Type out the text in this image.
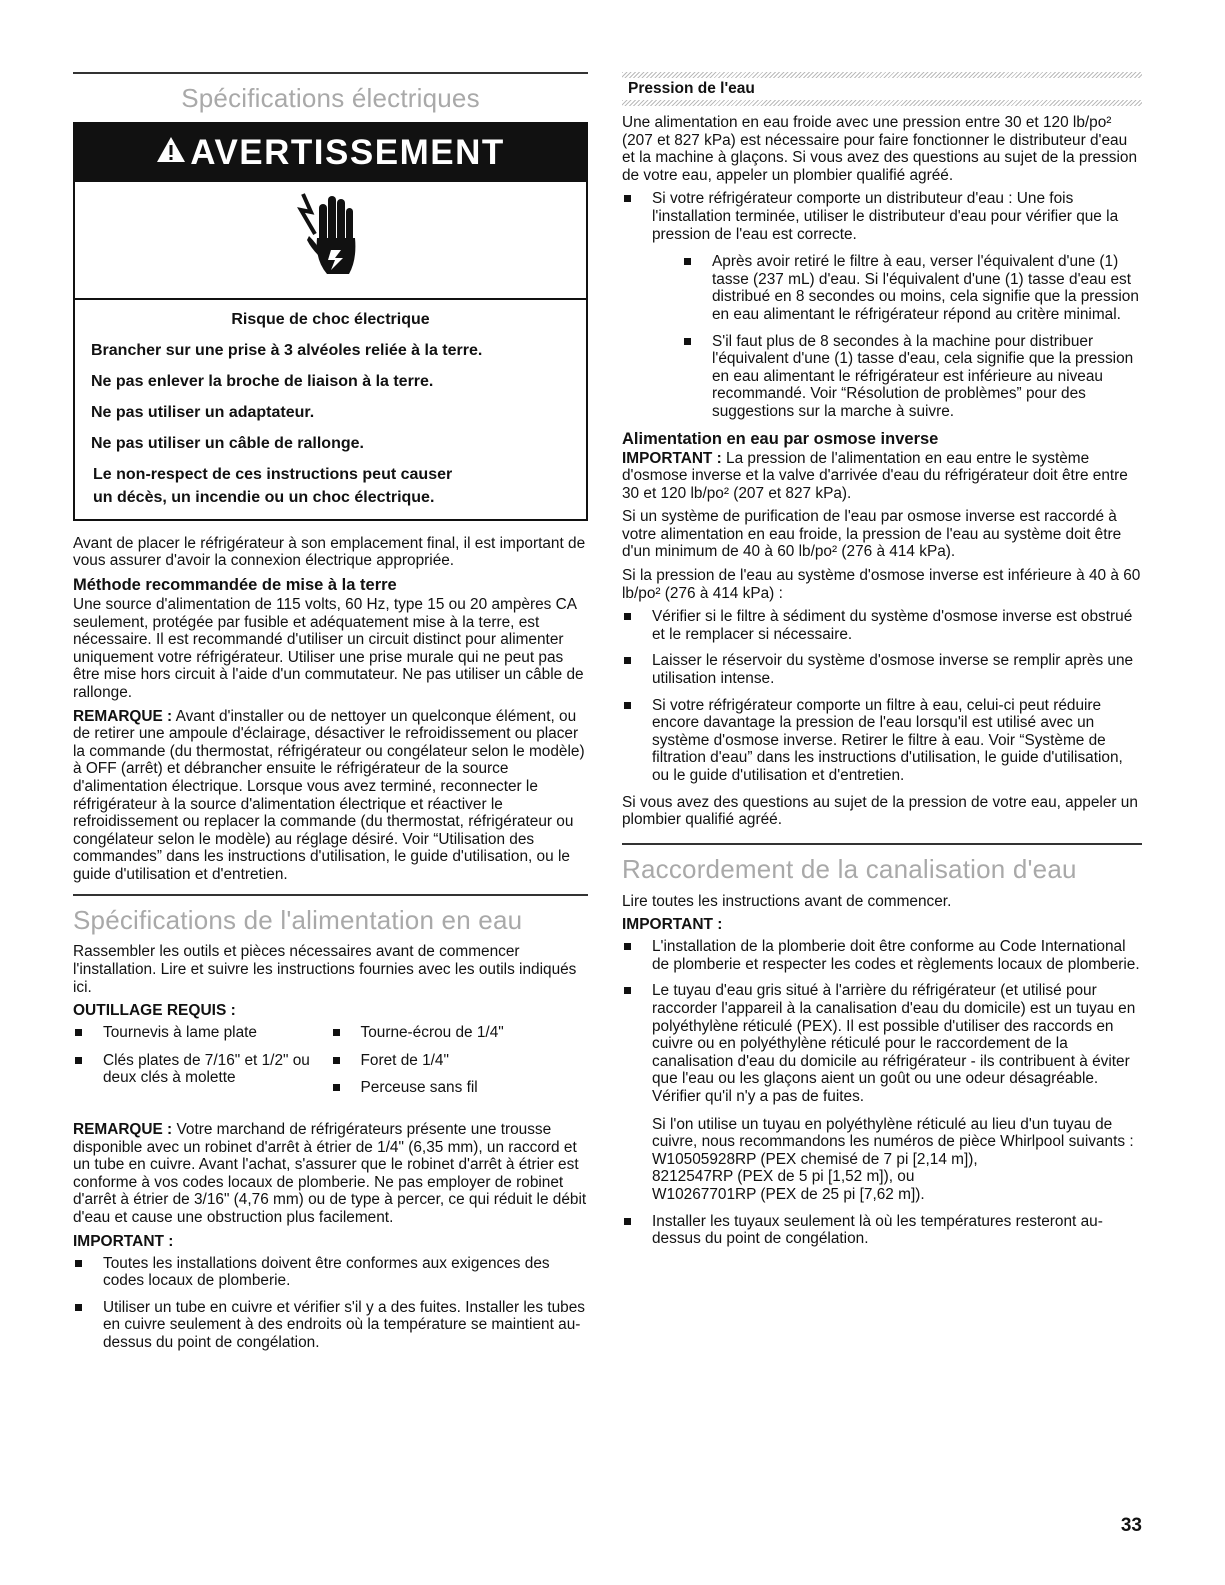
Spécifications électriques
AVERTISSEMENT
Risque de choc électrique
Brancher sur une prise à 3 alvéoles reliée à la terre.
Ne pas enlever la broche de liaison à la terre.
Ne pas utiliser un adaptateur.
Ne pas utiliser un câble de rallonge.
Le non-respect de ces instructions peut causer
un décès, un incendie ou un choc électrique.

Avant de placer le réfrigérateur à son emplacement final, il est important de vous assurer d'avoir la connexion électrique appropriée.

Méthode recommandée de mise à la terre

Une source d'alimentation de 115 volts, 60 Hz, type 15 ou 20 ampères CA seulement, protégée par fusible et adéquatement mise à la terre, est nécessaire. Il est recommandé d'utiliser un circuit distinct pour alimenter uniquement votre réfrigérateur. Utiliser une prise murale qui ne peut pas être mise hors circuit à l'aide d'un commutateur. Ne pas utiliser un câble de rallonge.

REMARQUE : Avant d'installer ou de nettoyer un quelconque élément, ou de retirer une ampoule d'éclairage, désactiver le refroidissement ou placer la commande (du thermostat, réfrigérateur ou congélateur selon le modèle) à OFF (arrêt) et débrancher ensuite le réfrigérateur de la source d'alimentation électrique. Lorsque vous avez terminé, reconnecter le réfrigérateur à la source d'alimentation électrique et réactiver le refroidissement ou replacer la commande (du thermostat, réfrigérateur ou congélateur selon le modèle) au réglage désiré. Voir “Utilisation des commandes” dans les instructions d'utilisation, le guide d'utilisation, ou le guide d'utilisation et d'entretien.

Spécifications de l'alimentation en eau

Rassembler les outils et pièces nécessaires avant de commencer l'installation. Lire et suivre les instructions fournies avec les outils indiqués ici.

OUTILLAGE REQUIS :
Tournevis à lame plate
Clés plates de 7/16" et 1/2" ou deux clés à molette
Tourne-écrou de 1/4"
Foret de 1/4"
Perceuse sans fil

REMARQUE : Votre marchand de réfrigérateurs présente une trousse disponible avec un robinet d'arrêt à étrier de 1/4" (6,35 mm), un raccord et un tube en cuivre. Avant l'achat, s'assurer que le robinet d'arrêt à étrier est conforme à vos codes locaux de plomberie. Ne pas employer de robinet d'arrêt à étrier de 3/16" (4,76 mm) ou de type à percer, ce qui réduit le débit d'eau et cause une obstruction plus facilement.

IMPORTANT :
Toutes les installations doivent être conformes aux exigences des codes locaux de plomberie.
Utiliser un tube en cuivre et vérifier s'il y a des fuites. Installer les tubes en cuivre seulement à des endroits où la température se maintient au-dessus du point de congélation.
Pression de l'eau

Une alimentation en eau froide avec une pression entre 30 et 120 lb/po² (207 et 827 kPa) est nécessaire pour faire fonctionner le distributeur d'eau et la machine à glaçons. Si vous avez des questions au sujet de la pression de votre eau, appeler un plombier qualifié agréé.

Si votre réfrigérateur comporte un distributeur d'eau : Une fois l'installation terminée, utiliser le distributeur d'eau pour vérifier que la pression de l'eau est correcte.
Après avoir retiré le filtre à eau, verser l'équivalent d'une (1) tasse (237 mL) d'eau. Si l'équivalent d'une (1) tasse d'eau est distribué en 8 secondes ou moins, cela signifie que la pression en eau alimentant le réfrigérateur répond au critère minimal.
S'il faut plus de 8 secondes à la machine pour distribuer l'équivalent d'une (1) tasse d'eau, cela signifie que la pression en eau alimentant le réfrigérateur est inférieure au niveau recommandé. Voir “Résolution de problèmes” pour des suggestions sur la marche à suivre.
Alimentation en eau par osmose inverse

IMPORTANT : La pression de l'alimentation en eau entre le système d'osmose inverse et la valve d'arrivée d'eau du réfrigérateur doit être entre 30 et 120 lb/po² (207 et 827 kPa).

Si un système de purification de l'eau par osmose inverse est raccordé à votre alimentation en eau froide, la pression de l'eau au système doit être d'un minimum de 40 à 60 lb/po² (276 à 414 kPa).

Si la pression de l'eau au système d'osmose inverse est inférieure à 40 à 60 lb/po² (276 à 414 kPa) :

Vérifier si le filtre à sédiment du système d'osmose inverse est obstrué et le remplacer si nécessaire.
Laisser le réservoir du système d'osmose inverse se remplir après une utilisation intense.
Si votre réfrigérateur comporte un filtre à eau, celui-ci peut réduire encore davantage la pression de l'eau lorsqu'il est utilisé avec un système d'osmose inverse. Retirer le filtre à eau. Voir “Système de filtration d'eau” dans les instructions d'utilisation, le guide d'utilisation, ou le guide d'utilisation et d'entretien.

Si vous avez des questions au sujet de la pression de votre eau, appeler un plombier qualifié agréé.

Raccordement de la canalisation d'eau

Lire toutes les instructions avant de commencer.

IMPORTANT :
L'installation de la plomberie doit être conforme au Code International de plomberie et respecter les codes et règlements locaux de plomberie.
Le tuyau d'eau gris situé à l'arrière du réfrigérateur (et utilisé pour raccorder l'appareil à la canalisation d'eau du domicile) est un tuyau en polyéthylène réticulé (PEX). Il est possible d'utiliser des raccords en cuivre ou en polyéthylène réticulé pour le raccordement de la canalisation d'eau du domicile au réfrigérateur - ils contribuent à éviter que l'eau ou les glaçons aient un goût ou une odeur désagréable. Vérifier qu'il n'y a pas de fuites.
Si l'on utilise un tuyau en polyéthylène réticulé au lieu d'un tuyau de cuivre, nous recommandons les numéros de pièce Whirlpool suivants :
W10505928RP (PEX chemisé de 7 pi [2,14 m]),
8212547RP (PEX de 5 pi [1,52 m]), ou
W10267701RP (PEX de 25 pi [7,62 m]).
Installer les tuyaux seulement là où les températures resteront au-dessus du point de congélation.
33
